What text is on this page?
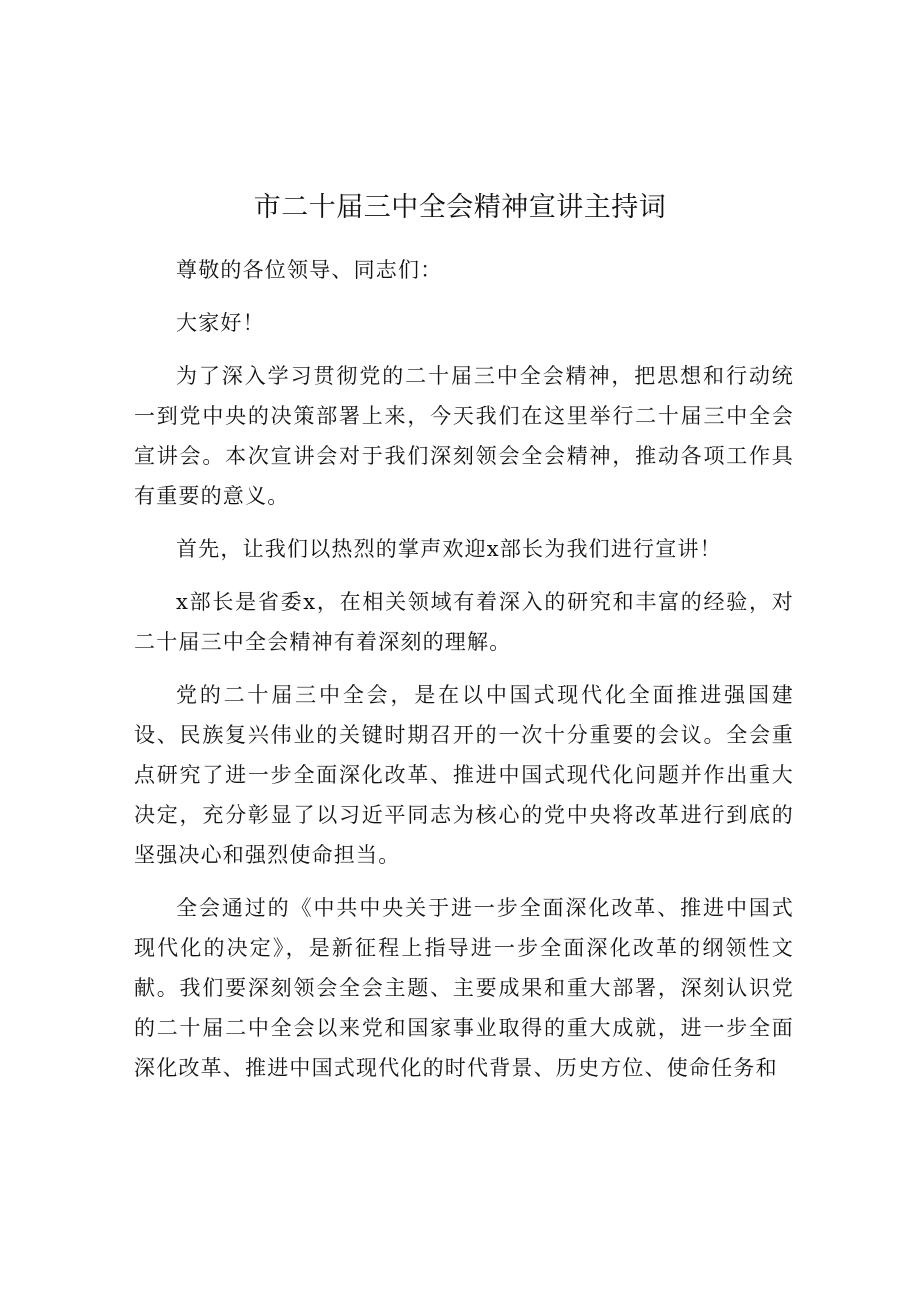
市二十届三中全会精神宣讲主持词

尊敬的各位领导、同志们：

大家好！

为了深入学习贯彻党的二十届三中全会精神，把思想和行动统一到党中央的决策部署上来，今天我们在这里举行二十届三中全会宣讲会。本次宣讲会对于我们深刻领会全会精神，推动各项工作具有重要的意义。

首先，让我们以热烈的掌声欢迎x部长为我们进行宣讲！

x部长是省委x，在相关领域有着深入的研究和丰富的经验，对二十届三中全会精神有着深刻的理解。

党的二十届三中全会，是在以中国式现代化全面推进强国建设、民族复兴伟业的关键时期召开的一次十分重要的会议。全会重点研究了进一步全面深化改革、推进中国式现代化问题并作出重大决定，充分彰显了以习近平同志为核心的党中央将改革进行到底的坚强决心和强烈使命担当。

全会通过的《中共中央关于进一步全面深化改革、推进中国式现代化的决定》，是新征程上指导进一步全面深化改革的纲领性文献。我们要深刻领会全会主题、主要成果和重大部署，深刻认识党的二十届二中全会以来党和国家事业取得的重大成就，进一步全面深化改革、推进中国式现代化的时代背景、历史方位、使命任务和
